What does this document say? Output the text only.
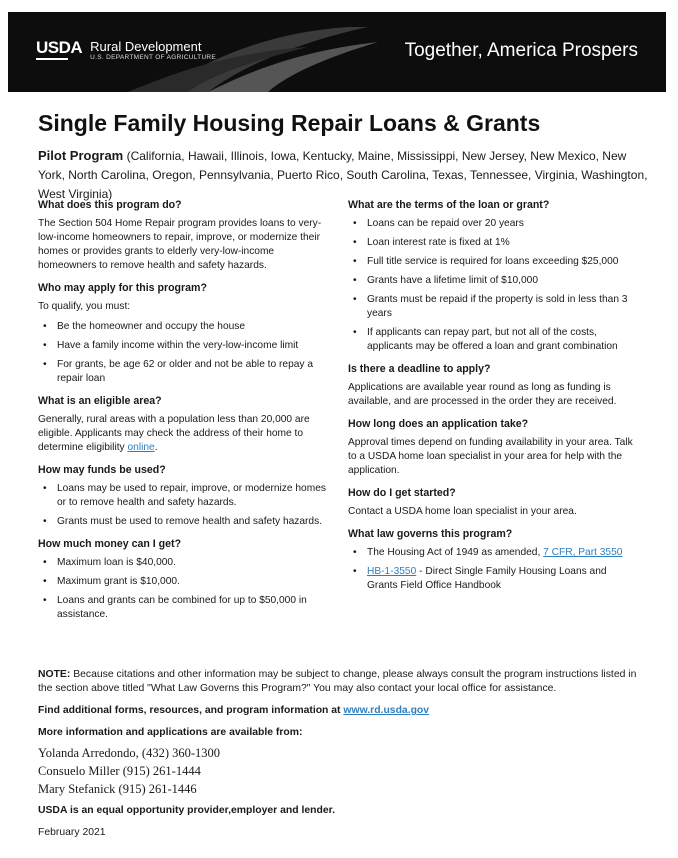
USDA Rural Development
U.S. DEPARTMENT OF AGRICULTURE	Together, America Prospers
Single Family Housing Repair Loans & Grants

Pilot Program (California, Hawaii, Illinois, Iowa, Kentucky, Maine, Mississippi, New Jersey, New Mexico, New York, North Carolina, Oregon, Pennsylvania, Puerto Rico, South Carolina, Texas, Tennessee, Virginia, Washington, West Virginia)

What does this program do?

The Section 504 Home Repair program provides loans to very-low-income homeowners to repair, improve, or modernize their homes or provides grants to elderly very-low-income homeowners to remove health and safety hazards.

Who may apply for this program?

To qualify, you must:

• Be the homeowner and occupy the house
• Have a family income within the very-low-income limit
• For grants, be age 62 or older and not be able to repay a repair loan
What is an eligible area?

Generally, rural areas with a population less than 20,000 are eligible. Applicants may check the address of their home to determine eligibility online.

How may funds be used?
• Loans may be used to repair, improve, or modernize homes or to remove health and safety hazards.
• Grants must be used to remove health and safety hazards.
How much money can I get?
• Maximum loan is $40,000.
• Maximum grant is $10,000.
• Loans and grants can be combined for up to $50,000 in assistance.
What are the terms of the loan or grant?
• Loans can be repaid over 20 years
• Loan interest rate is fixed at 1%
• Full title service is required for loans exceeding $25,000
• Grants have a lifetime limit of $10,000
• Grants must be repaid if the property is sold in less than 3 years
• If applicants can repay part, but not all of the costs, applicants may be offered a loan and grant combination
Is there a deadline to apply?

Applications are available year round as long as funding is available, and are processed in the order they are received.

How long does an application take?

Approval times depend on funding availability in your area. Talk to a USDA home loan specialist in your area for help with the application.

How do I get started?

Contact a USDA home loan specialist in your area.

What law governs this program?
• The Housing Act of 1949 as amended, 7 CFR, Part 3550
• HB-1-3550 - Direct Single Family Housing Loans and Grants Field Office Handbook

NOTE: Because citations and other information may be subject to change, please always consult the program instructions listed in the section above titled "What Law Governs this Program?" You may also contact your local office for assistance.

Find additional forms, resources, and program information at www.rd.usda.gov

More information and applications are available from:

Yolanda Arredondo, (432) 360-1300
Consuelo Miller (915) 261-1444
Mary Stefanick (915) 261-1446

USDA is an equal opportunity provider,employer and lender.

February 2021
